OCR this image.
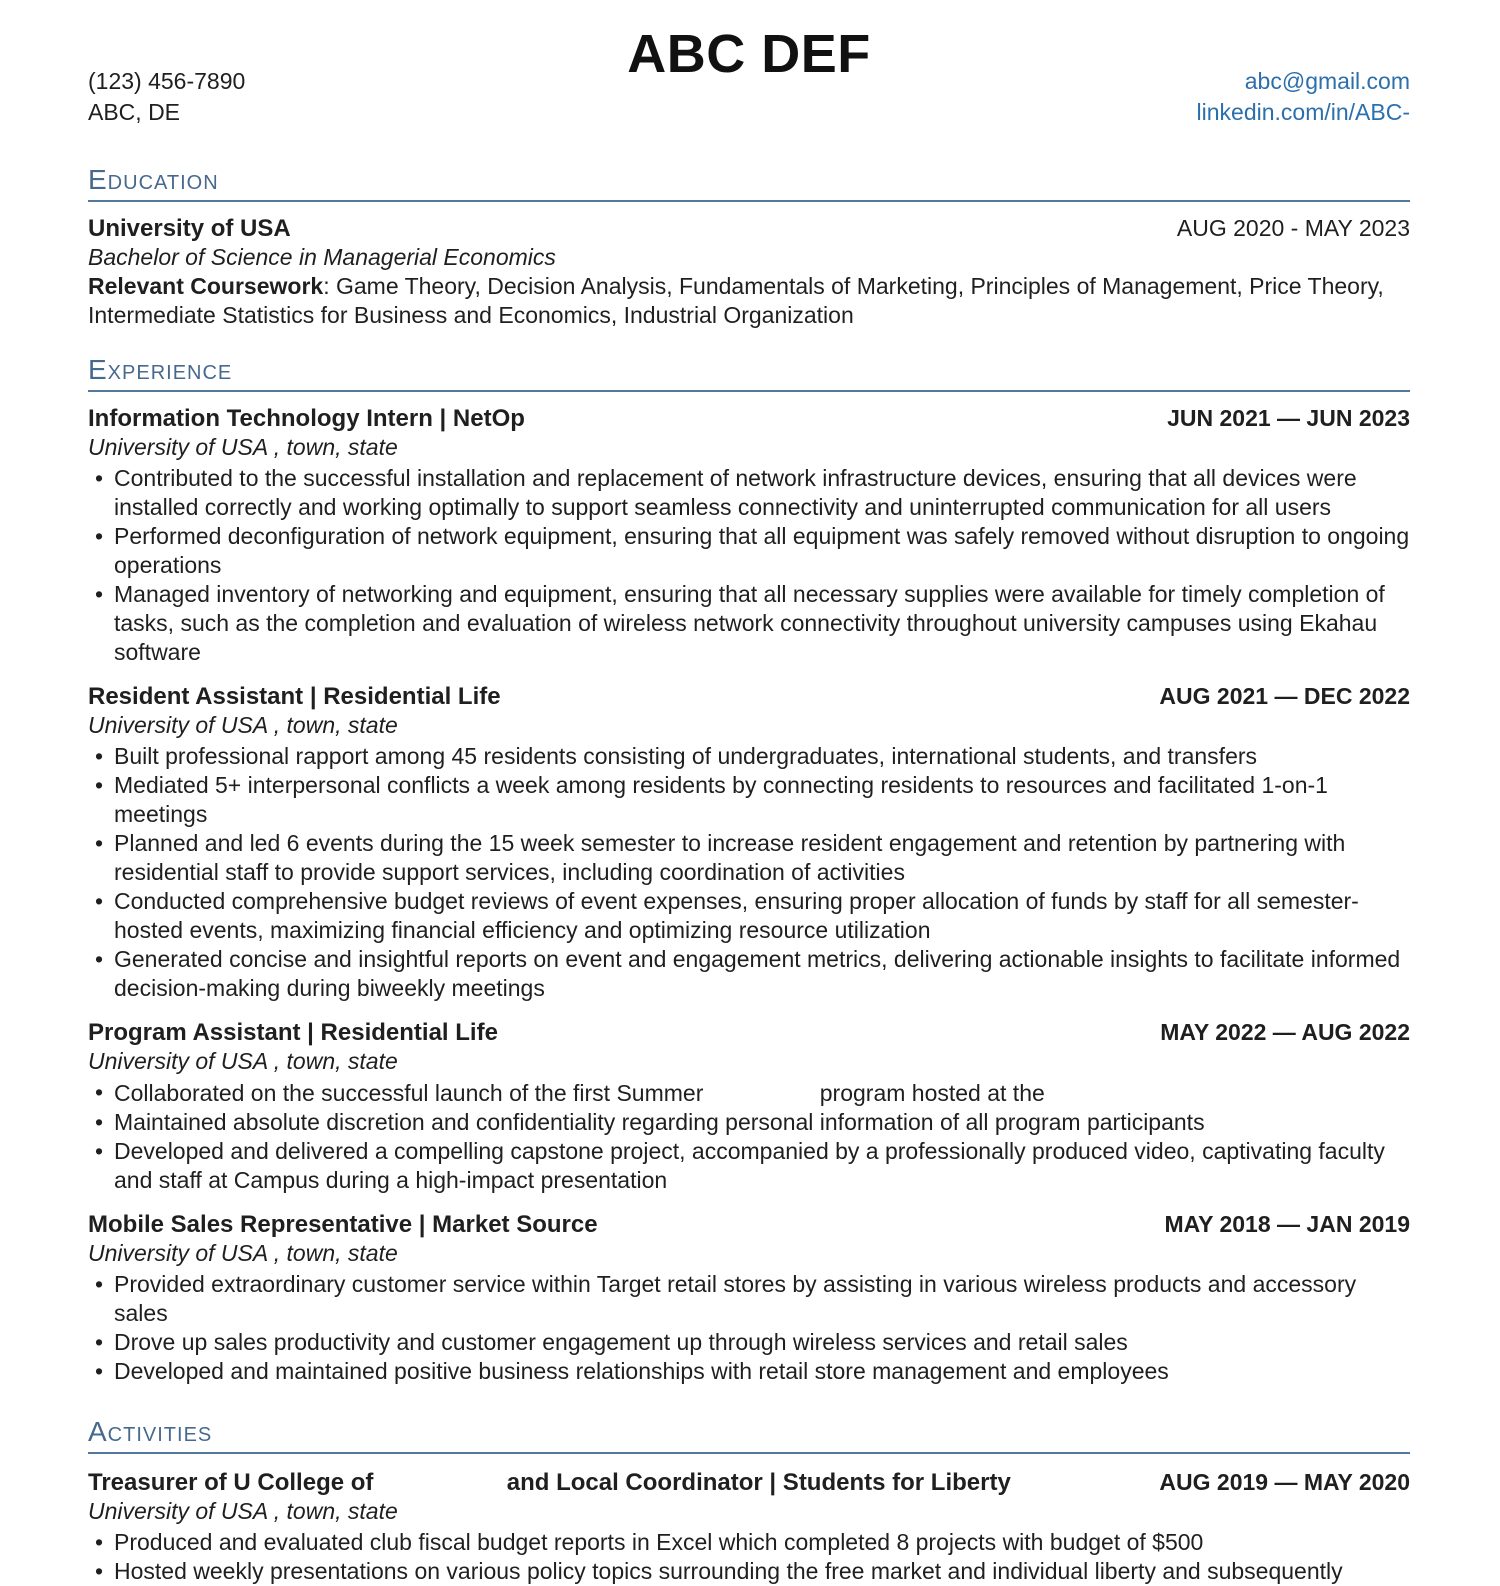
ABC DEF
(123) 456-7890
ABC, DE
abc@gmail.com
linkedin.com/in/ABC-
Education
University of USA	AUG 2020 - MAY 2023
Bachelor of Science in Managerial Economics
Relevant Coursework: Game Theory, Decision Analysis, Fundamentals of Marketing, Principles of Management, Price Theory, Intermediate Statistics for Business and Economics, Industrial Organization
Experience
Information Technology Intern | NetOp	JUN 2021 — JUN 2023
University of USA , town, state
• Contributed to the successful installation and replacement of network infrastructure devices, ensuring that all devices were installed correctly and working optimally to support seamless connectivity and uninterrupted communication for all users
• Performed deconfiguration of network equipment, ensuring that all equipment was safely removed without disruption to ongoing operations
• Managed inventory of networking and equipment, ensuring that all necessary supplies were available for timely completion of tasks, such as the completion and evaluation of wireless network connectivity throughout university campuses using Ekahau software
Resident Assistant | Residential Life	AUG 2021 — DEC 2022
University of USA , town, state
• Built professional rapport among 45 residents consisting of undergraduates, international students, and transfers
• Mediated 5+ interpersonal conflicts a week among residents by connecting residents to resources and facilitated 1-on-1 meetings
• Planned and led 6 events during the 15 week semester to increase resident engagement and retention by partnering with residential staff to provide support services, including coordination of activities
• Conducted comprehensive budget reviews of event expenses, ensuring proper allocation of funds by staff for all semester-hosted events, maximizing financial efficiency and optimizing resource utilization
• Generated concise and insightful reports on event and engagement metrics, delivering actionable insights to facilitate informed decision-making during biweekly meetings
Program Assistant | Residential Life	MAY 2022 — AUG 2022
University of USA , town, state
• Collaborated on the successful launch of the first Summer	program hosted at the
• Maintained absolute discretion and confidentiality regarding personal information of all program participants
• Developed and delivered a compelling capstone project, accompanied by a professionally produced video, captivating faculty and staff at Campus during a high-impact presentation
Mobile Sales Representative | Market Source	MAY 2018 — JAN 2019
University of USA , town, state
• Provided extraordinary customer service within Target retail stores by assisting in various wireless products and accessory sales
• Drove up sales productivity and customer engagement up through wireless services and retail sales
• Developed and maintained positive business relationships with retail store management and employees
Activities
Treasurer of U College of	and Local Coordinator | Students for Liberty	AUG 2019 — MAY 2020
University of USA , town, state
• Produced and evaluated club fiscal budget reports in Excel which completed 8 projects with budget of $500
• Hosted weekly presentations on various policy topics surrounding the free market and individual liberty and subsequently
